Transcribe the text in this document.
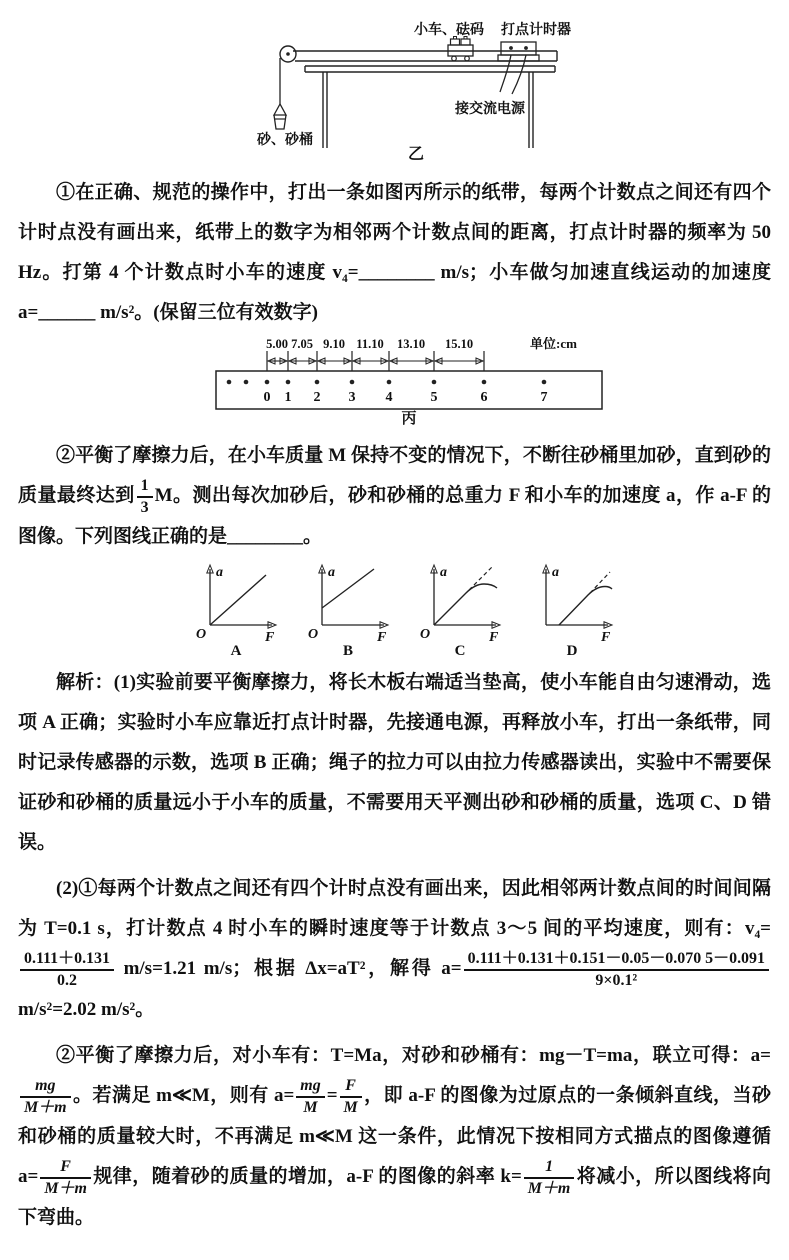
小车、砝码 打点计时器
砂、砂桶
接交流电源
乙

①在正确、规范的操作中，打出一条如图丙所示的纸带，每两个计数点之间还有四个计时点没有画出来，纸带上的数字为相邻两个计数点间的距离，打点计时器的频率为 50 Hz。打第 4 个计数点时小车的速度 v₄=________ m/s；小车做匀加速直线运动的加速度 a=______ m/s²。(保留三位有效数字)

5.00 7.05 9.10 11.10 13.10 15.10	单位:cm
0 1 2 3 4	5	6	7
丙

②平衡了摩擦力后，在小车质量 M 保持不变的情况下，不断往砂桶里加砂，直到砂的质量最终达到 $\frac{1}{3}$ M。测出每次加砂后，砂和砂桶的总重力 F 和小车的加速度 a，作 a-F 的图像。下列图线正确的是________。

a
F
O
A
a
F
O
B
a
F
O
C
a
F
D

解析：(1)实验前要平衡摩擦力，将长木板右端适当垫高，使小车能自由匀速滑动，选项 A 正确；实验时小车应靠近打点计时器，先接通电源，再释放小车，打出一条纸带，同时记录传感器的示数，选项 B 正确；绳子的拉力可以由拉力传感器读出，实验中不需要保证砂和砂桶的质量远小于小车的质量，不需要用天平测出砂和砂桶的质量，选项 C、D 错误。

(2)①每两个计数点之间还有四个计时点没有画出来，因此相邻两计数点间的时间间隔为 T=0.1 s，打计数点 4 时小车的瞬时速度等于计数点 3～5 间的平均速度，则有：v₄=
$\frac{0.111+0.131}{0.2} m/s=1.21$ m/s；根据 Δx=aT²，解得 $a= \frac{0.111+0.131+0.151-0.05-0.070 5-0.091}{\text{9×0.1²}}$
m/s²=2.02 m/s²。

②平衡了摩擦力后，对小车有：T=Ma，对砂和砂桶有：mg－T=ma，联立可得：a=
$\frac{mg}{M+m}$ 。若满足 m≪M，则有 $a= \frac{mg}{M} = \frac{F}{M}$ ，即 a-F 的图像为过原点的一条倾斜直线，当砂和砂桶的质量较大时，不再满足 m≪M 这一条件，此情况下按相同方式描点的图像遵循 $a= \frac{F}{M+m}$ 规律，随着砂的质量的增加，a-F 的图像的斜率 $k= \frac{1}{M+m}$ 将减小，所以图线将向下弯曲。
